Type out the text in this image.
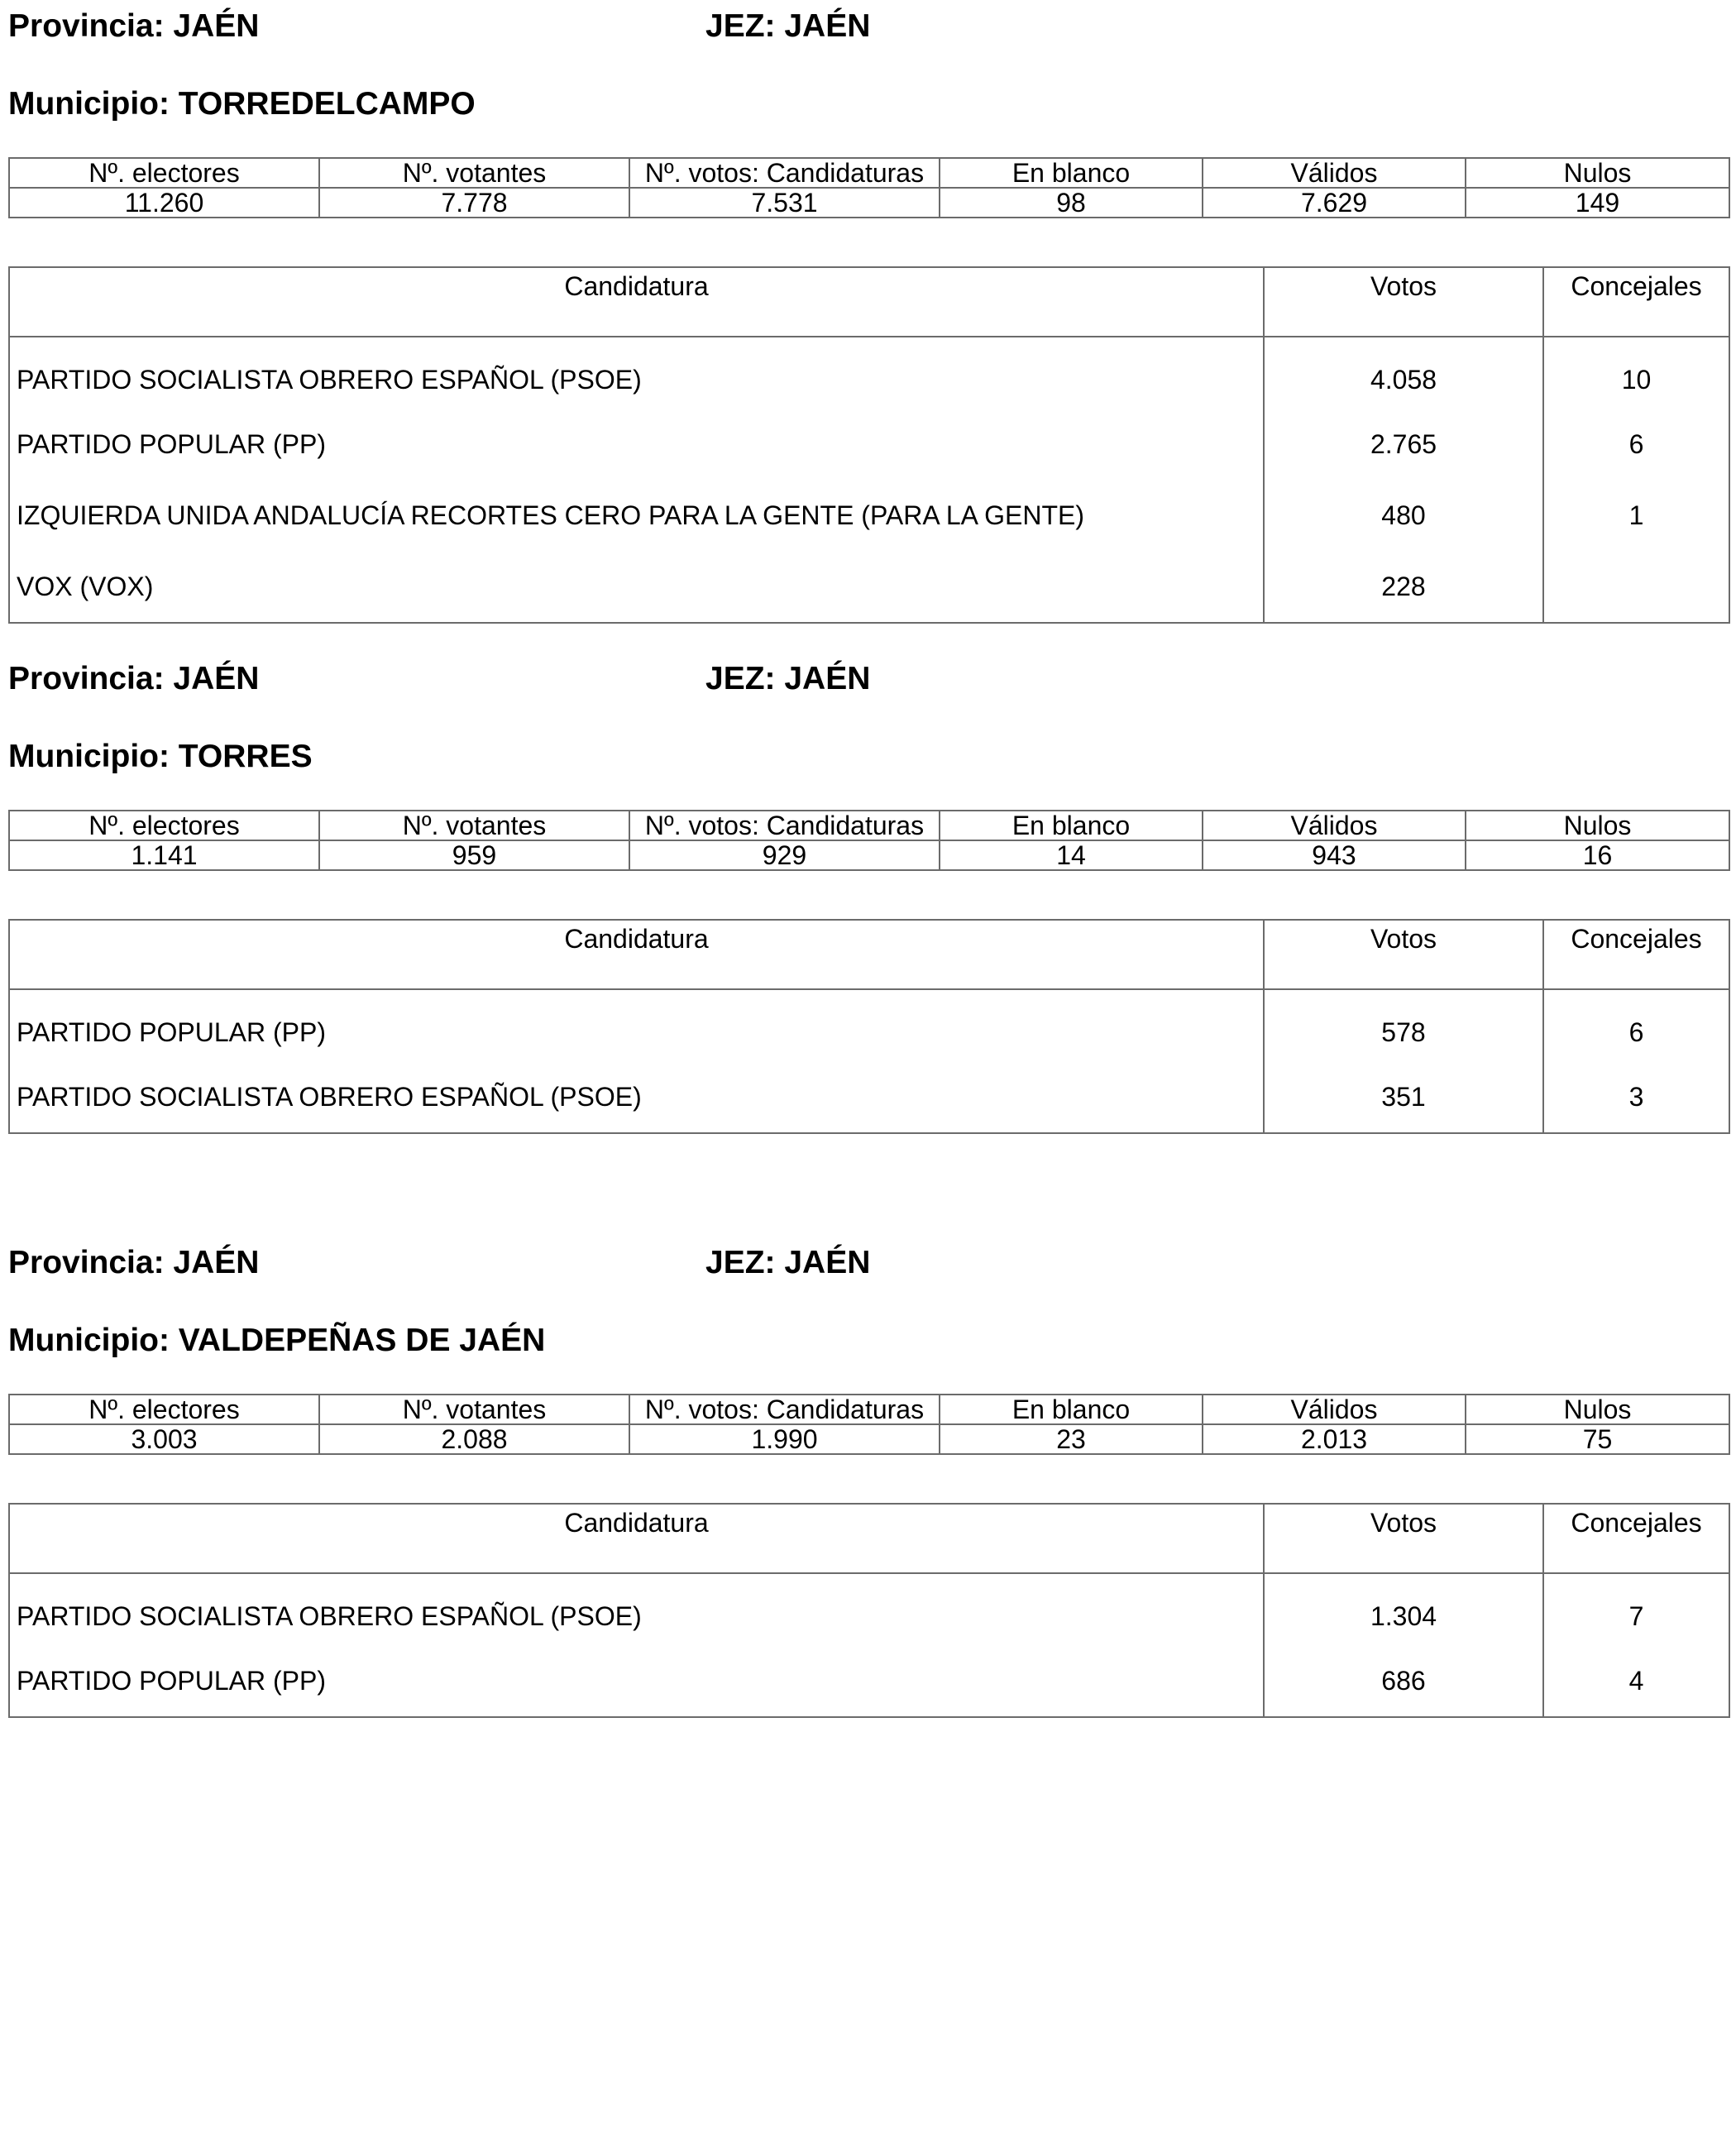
Provincia: JAÉN	JEZ: JAÉN
Municipio: TORREDELCAMPO
Nº. electores	Nº. votantes	Nº. votos: Candidaturas	En blanco	Válidos	Nulos
11.260	7.778	7.531	98	7.629	149
Candidatura	Votos	Concejales
PARTIDO SOCIALISTA OBRERO ESPAÑOL (PSOE)	4.058	10
PARTIDO POPULAR (PP)	2.765	6
IZQUIERDA UNIDA ANDALUCÍA RECORTES CERO PARA LA GENTE (PARA LA GENTE)	480	1
VOX (VOX)	228	
Provincia: JAÉN	JEZ: JAÉN
Municipio: TORRES
Nº. electores	Nº. votantes	Nº. votos: Candidaturas	En blanco	Válidos	Nulos
1.141	959	929	14	943	16
Candidatura	Votos	Concejales
PARTIDO POPULAR (PP)	578	6
PARTIDO SOCIALISTA OBRERO ESPAÑOL (PSOE)	351	3
Provincia: JAÉN	JEZ: JAÉN
Municipio: VALDEPEÑAS DE JAÉN
Nº. electores	Nº. votantes	Nº. votos: Candidaturas	En blanco	Válidos	Nulos
3.003	2.088	1.990	23	2.013	75
Candidatura	Votos	Concejales
PARTIDO SOCIALISTA OBRERO ESPAÑOL (PSOE)	1.304	7
PARTIDO POPULAR (PP)	686	4
